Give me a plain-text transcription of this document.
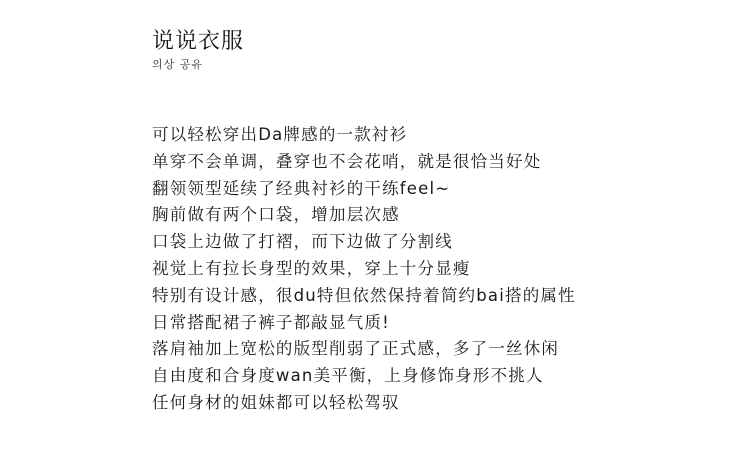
说说衣服
의상 공유
可以轻松穿出Da牌感的一款衬衫
单穿不会单调，叠穿也不会花哨，就是很恰当好处
翻领领型延续了经典衬衫的干练feel~
胸前做有两个口袋，增加层次感
口袋上边做了打褶，而下边做了分割线
视觉上有拉长身型的效果，穿上十分显瘦
特别有设计感，很du特但依然保持着简约bai搭的属性
日常搭配裙子裤子都敲显气质!
落肩袖加上宽松的版型削弱了正式感，多了一丝休闲
自由度和合身度wan美平衡，上身修饰身形不挑人
任何身材的姐妹都可以轻松驾驭
